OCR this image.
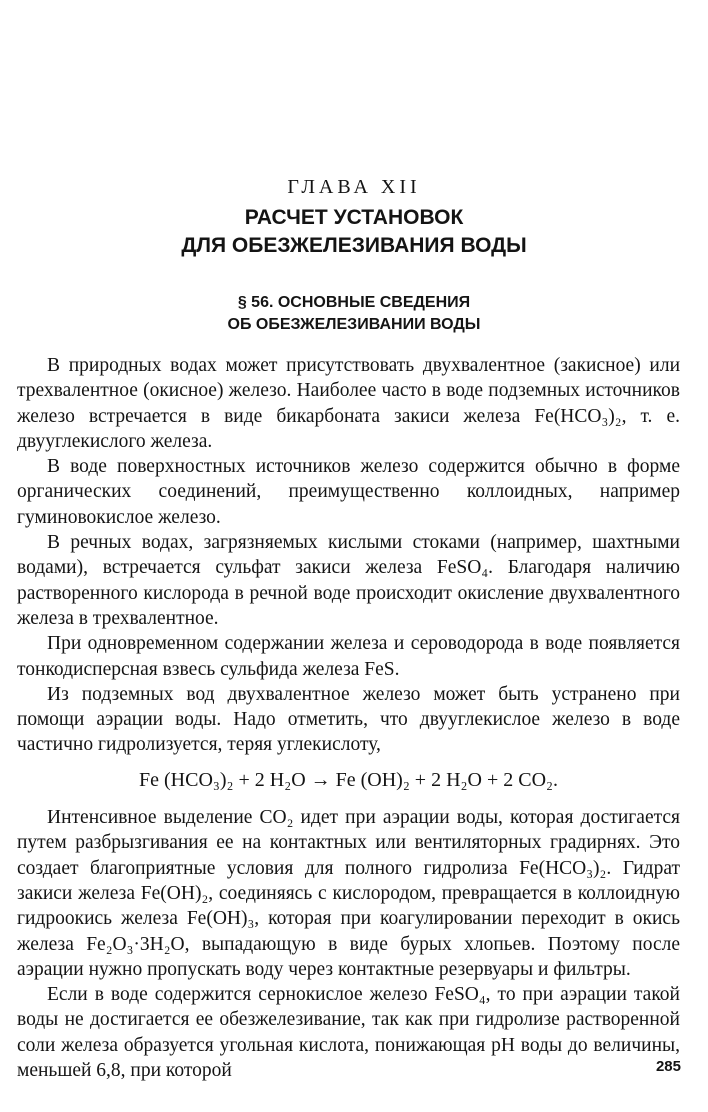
ГЛАВА XII
РАСЧЕТ УСТАНОВОК
ДЛЯ ОБЕЗЖЕЛЕЗИВАНИЯ ВОДЫ
§ 56. ОСНОВНЫЕ СВЕДЕНИЯ
ОБ ОБЕЗЖЕЛЕЗИВАНИИ ВОДЫ

В природных водах может присутствовать двухвалентное (закисное) или трехвалентное (окисное) железо. Наиболее часто в воде подземных источников железо встречается в виде бикарбоната закиси железа Fe(HCO₃)₂, т. е. двууглекислого железа.

В воде поверхностных источников железо содержится обычно в форме органических соединений, преимущественно коллоидных, например гуминовокислое железо.

В речных водах, загрязняемых кислыми стоками (например, шахтными водами), встречается сульфат закиси железа FeSO₄. Благодаря наличию растворенного кислорода в речной воде происходит окисление двухвалентного железа в трехвалентное.

При одновременном содержании железа и сероводорода в воде появляется тонкодисперсная взвесь сульфида железа FeS.

Из подземных вод двухвалентное железо может быть устранено при помощи аэрации воды. Надо отметить, что двууглекислое железо в воде частично гидролизуется, теряя углекислоту,

Fe (HCO₃)₂ + 2 H₂O → Fe (OH)₂ + 2 H₂O + 2 CO₂.

Интенсивное выделение CO₂ идет при аэрации воды, которая достигается путем разбрызгивания ее на контактных или вентиляторных градирнях. Это создает благоприятные условия для полного гидролиза Fe(HCO₃)₂. Гидрат закиси железа Fe(OH)₂, соединяясь с кислородом, превращается в коллоидную гидроокись железа Fe(OH)₃, которая при коагулировании переходит в окись железа Fe₂O₃·3H₂O, выпадающую в виде бурых хлопьев. Поэтому после аэрации нужно пропускать воду через контактные резервуары и фильтры.

Если в воде содержится сернокислое железо FeSO₄, то при аэрации такой воды не достигается ее обезжелезивание, так как при гидролизе растворенной соли железа образуется угольная кислота, понижающая pH воды до величины, меньшей 6,8, при которой	285
